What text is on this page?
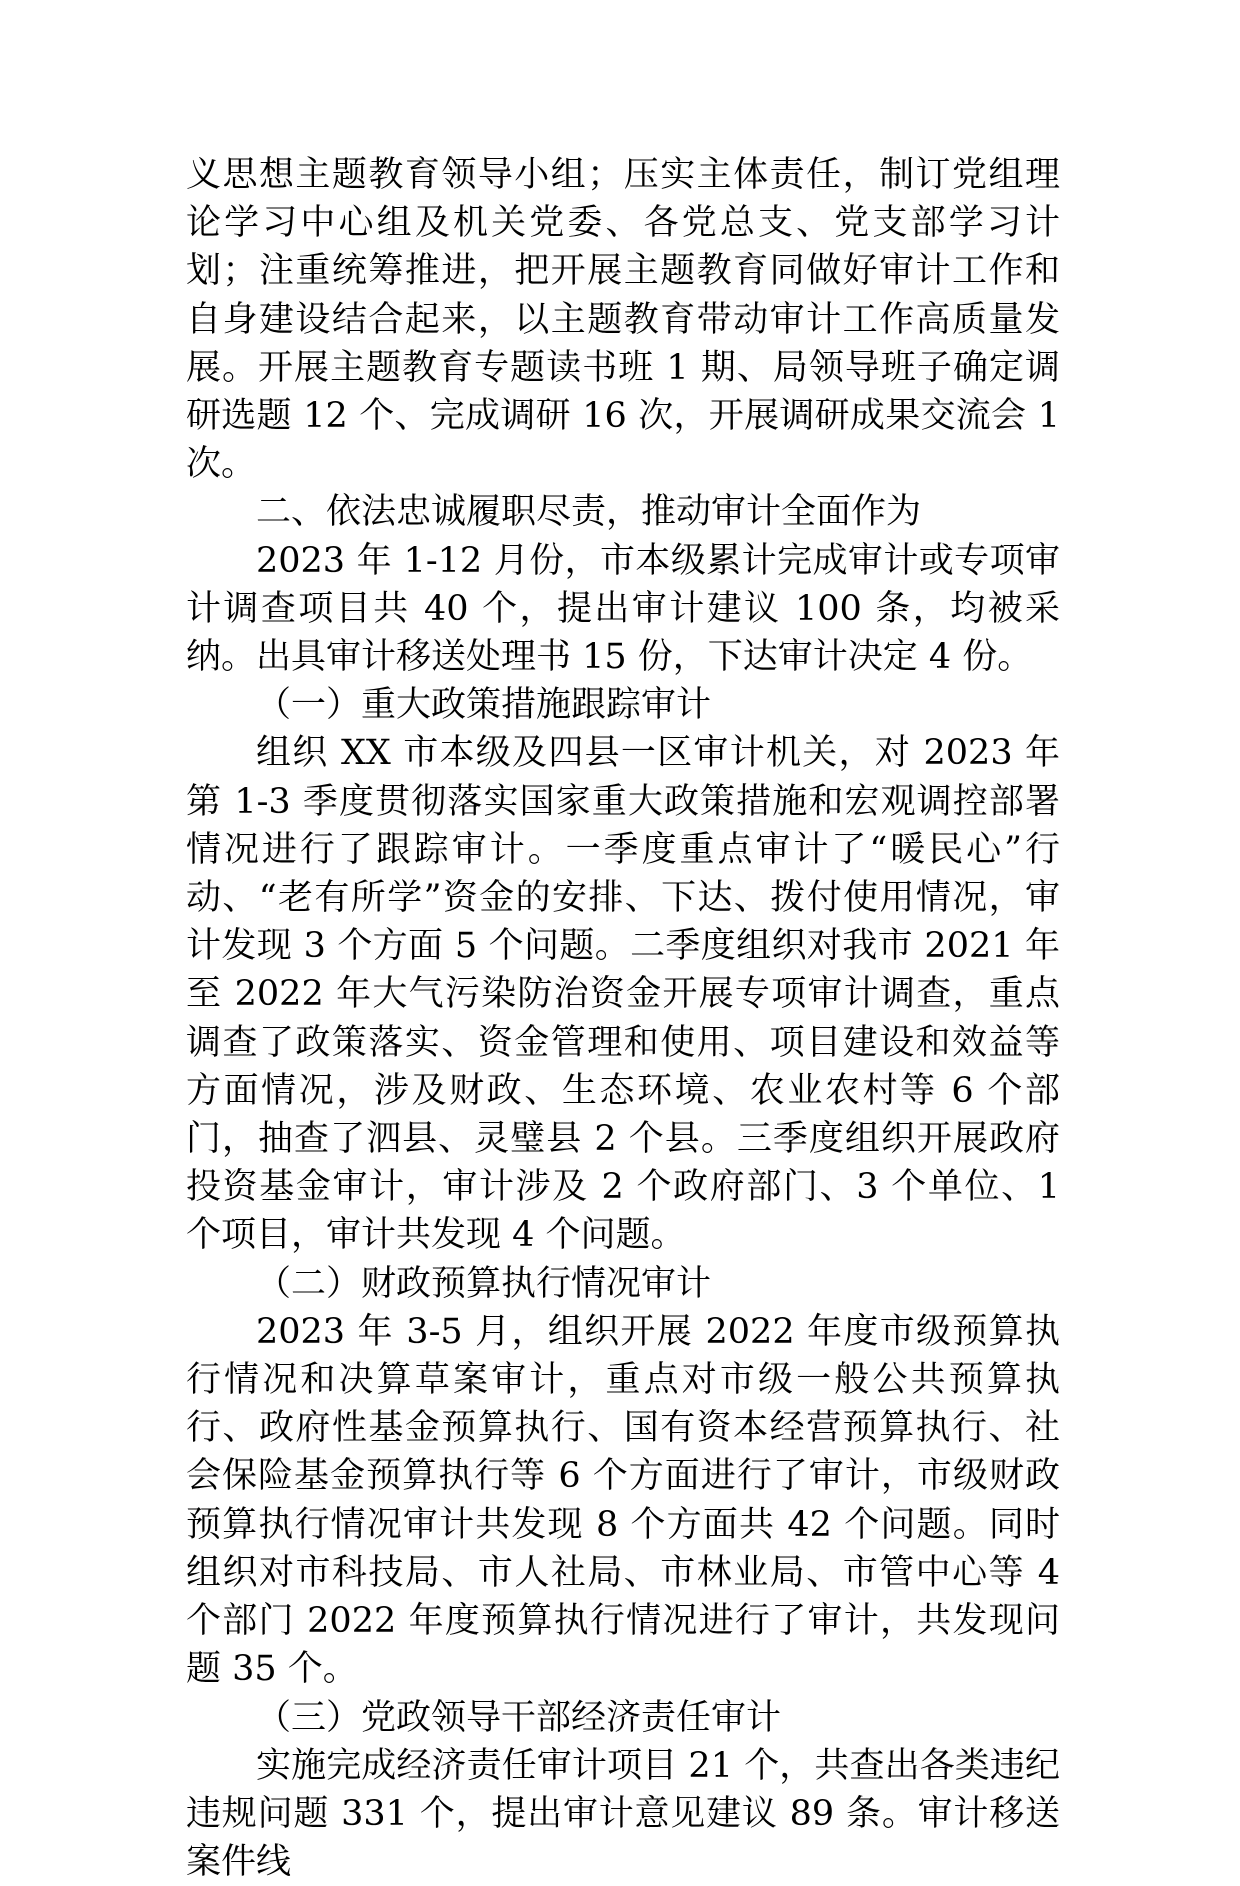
义思想主题教育领导小组；压实主体责任，制订党组理论学习中心组及机关党委、各党总支、党支部学习计划；注重统筹推进，把开展主题教育同做好审计工作和自身建设结合起来，以主题教育带动审计工作高质量发展。开展主题教育专题读书班 1 期、局领导班子确定调研选题 12 个、完成调研 16 次，开展调研成果交流会 1 次。

二、依法忠诚履职尽责，推动审计全面作为

2023 年 1-12 月份，市本级累计完成审计或专项审计调查项目共 40 个，提出审计建议 100 条，均被采纳。出具审计移送处理书 15 份，下达审计决定 4 份。

（一）重大政策措施跟踪审计

组织 XX 市本级及四县一区审计机关，对 2023 年第 1-3 季度贯彻落实国家重大政策措施和宏观调控部署情况进行了跟踪审计。一季度重点审计了“暖民心”行动、“老有所学”资金的安排、下达、拨付使用情况，审计发现 3 个方面 5 个问题。二季度组织对我市 2021 年至 2022 年大气污染防治资金开展专项审计调查，重点调查了政策落实、资金管理和使用、项目建设和效益等方面情况，涉及财政、生态环境、农业农村等 6 个部门，抽查了泗县、灵璧县 2 个县。三季度组织开展政府投资基金审计，审计涉及 2 个政府部门、3 个单位、1 个项目，审计共发现 4 个问题。

（二）财政预算执行情况审计

2023 年 3-5 月，组织开展 2022 年度市级预算执行情况和决算草案审计，重点对市级一般公共预算执行、政府性基金预算执行、国有资本经营预算执行、社会保险基金预算执行等 6 个方面进行了审计，市级财政预算执行情况审计共发现 8 个方面共 42 个问题。同时组织对市科技局、市人社局、市林业局、市管中心等 4 个部门 2022 年度预算执行情况进行了审计，共发现问题 35 个。

（三）党政领导干部经济责任审计

实施完成经济责任审计项目 21 个，共查出各类违纪违规问题 331 个，提出审计意见建议 89 条。审计移送案件线
